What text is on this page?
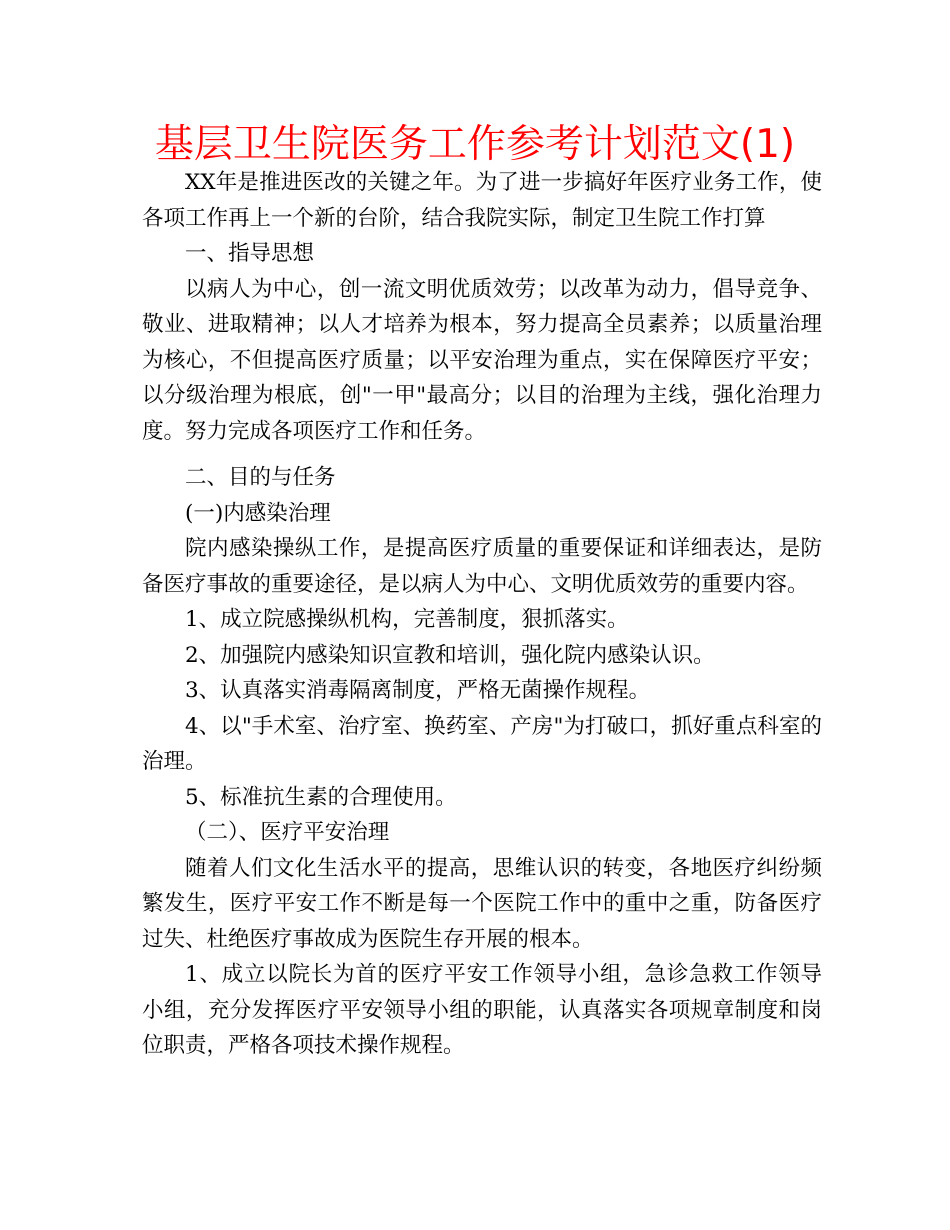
基层卫生院医务工作参考计划范文(1)

XX年是推进医改的关键之年。为了进一步搞好年医疗业务工作，使各项工作再上一个新的台阶，结合我院实际，制定卫生院工作打算

一、指导思想

以病人为中心，创一流文明优质效劳；以改革为动力，倡导竞争、敬业、进取精神；以人才培养为根本，努力提高全员素养；以质量治理为核心，不但提高医疗质量；以平安治理为重点，实在保障医疗平安；以分级治理为根底，创"一甲"最高分；以目的治理为主线，强化治理力度。努力完成各项医疗工作和任务。

二、目的与任务

(一)内感染治理

院内感染操纵工作，是提高医疗质量的重要保证和详细表达，是防备医疗事故的重要途径，是以病人为中心、文明优质效劳的重要内容。

1、成立院感操纵机构，完善制度，狠抓落实。

2、加强院内感染知识宣教和培训，强化院内感染认识。

3、认真落实消毒隔离制度，严格无菌操作规程。

4、以"手术室、治疗室、换药室、产房"为打破口，抓好重点科室的治理。

5、标准抗生素的合理使用。

（二）、医疗平安治理

随着人们文化生活水平的提高，思维认识的转变，各地医疗纠纷频繁发生，医疗平安工作不断是每一个医院工作中的重中之重，防备医疗过失、杜绝医疗事故成为医院生存开展的根本。

1、成立以院长为首的医疗平安工作领导小组，急诊急救工作领导小组，充分发挥医疗平安领导小组的职能，认真落实各项规章制度和岗位职责，严格各项技术操作规程。
